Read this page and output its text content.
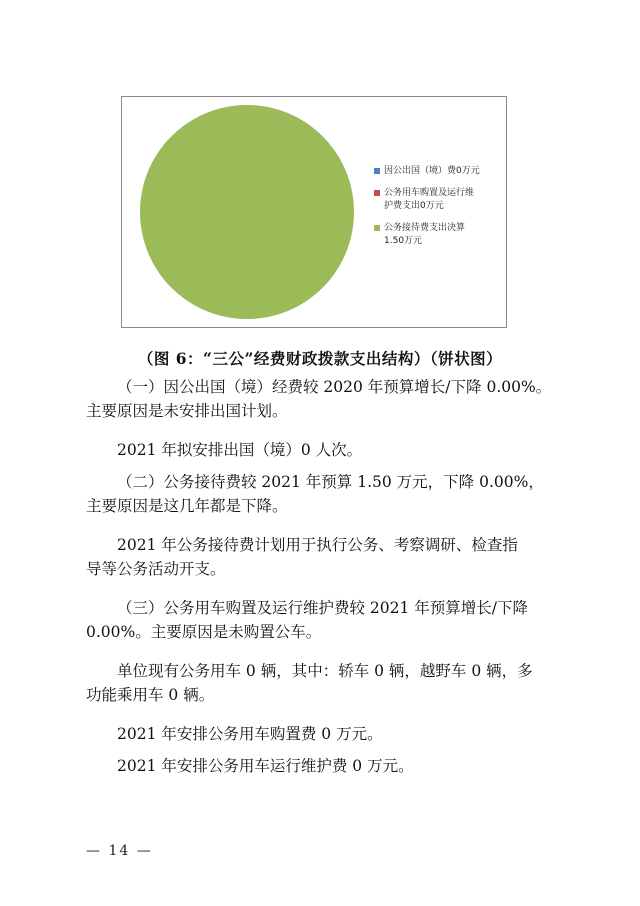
因公出国（境）费0万元
公务用车购置及运行维
护费支出0万元
公务接待费支出决算
1.50万元
（图 6：“三公”经费财政拨款支出结构）（饼状图）
（一）因公出国（境）经费较 2020 年预算增长/下降 0.00%。
主要原因是未安排出国计划。
2021 年拟安排出国（境）0 人次。
（二）公务接待费较 2021 年预算 1.50 万元，下降 0.00%，
主要原因是这几年都是下降。
2021 年公务接待费计划用于执行公务、考察调研、检查指
导等公务活动开支。
（三）公务用车购置及运行维护费较 2021 年预算增长/下降
0.00%。主要原因是未购置公车。
单位现有公务用车 0 辆，其中：轿车 0 辆，越野车 0 辆，多
功能乘用车 0 辆。
2021 年安排公务用车购置费 0 万元。
2021 年安排公务用车运行维护费 0 万元。
— 14 —
